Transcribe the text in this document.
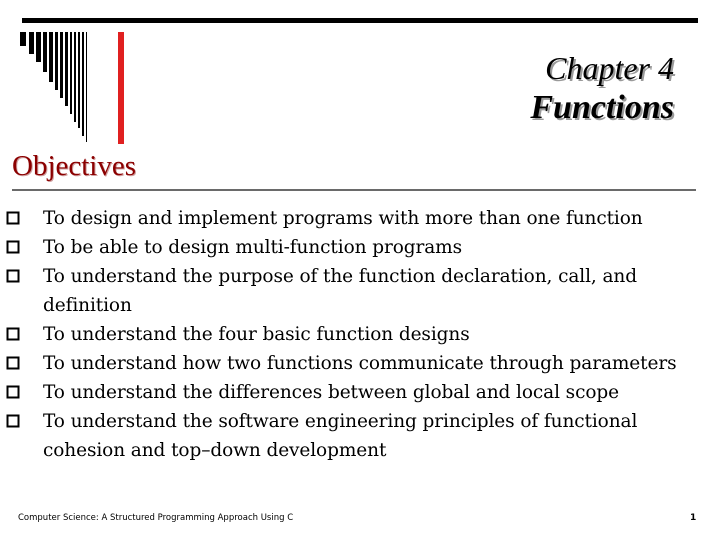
Chapter 4
Functions
Objectives
To design and implement programs with more than one function
To be able to design multi-function programs
To understand the purpose of the function declaration, call, and definition
To understand the four basic function designs
To understand how two functions communicate through parameters
To understand the differences between global and local scope
To understand the software engineering principles of functional cohesion and top–down development
Computer Science: A Structured Programming Approach Using C	1
